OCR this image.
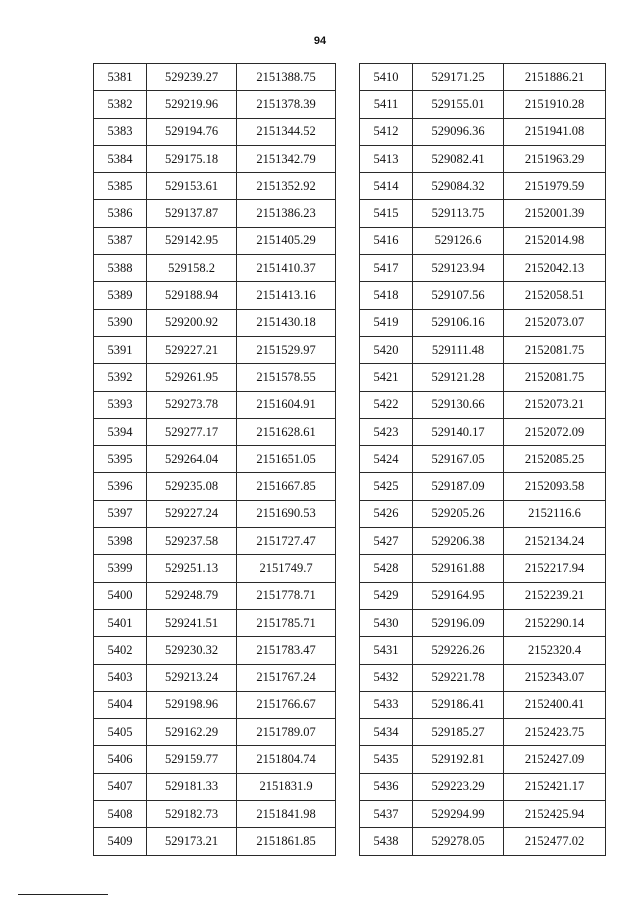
94
5381	529239.27	2151388.75
5382	529219.96	2151378.39
5383	529194.76	2151344.52
5384	529175.18	2151342.79
5385	529153.61	2151352.92
5386	529137.87	2151386.23
5387	529142.95	2151405.29
5388	529158.2	2151410.37
5389	529188.94	2151413.16
5390	529200.92	2151430.18
5391	529227.21	2151529.97
5392	529261.95	2151578.55
5393	529273.78	2151604.91
5394	529277.17	2151628.61
5395	529264.04	2151651.05
5396	529235.08	2151667.85
5397	529227.24	2151690.53
5398	529237.58	2151727.47
5399	529251.13	2151749.7
5400	529248.79	2151778.71
5401	529241.51	2151785.71
5402	529230.32	2151783.47
5403	529213.24	2151767.24
5404	529198.96	2151766.67
5405	529162.29	2151789.07
5406	529159.77	2151804.74
5407	529181.33	2151831.9
5408	529182.73	2151841.98
5409	529173.21	2151861.85
5410	529171.25	2151886.21
5411	529155.01	2151910.28
5412	529096.36	2151941.08
5413	529082.41	2151963.29
5414	529084.32	2151979.59
5415	529113.75	2152001.39
5416	529126.6	2152014.98
5417	529123.94	2152042.13
5418	529107.56	2152058.51
5419	529106.16	2152073.07
5420	529111.48	2152081.75
5421	529121.28	2152081.75
5422	529130.66	2152073.21
5423	529140.17	2152072.09
5424	529167.05	2152085.25
5425	529187.09	2152093.58
5426	529205.26	2152116.6
5427	529206.38	2152134.24
5428	529161.88	2152217.94
5429	529164.95	2152239.21
5430	529196.09	2152290.14
5431	529226.26	2152320.4
5432	529221.78	2152343.07
5433	529186.41	2152400.41
5434	529185.27	2152423.75
5435	529192.81	2152427.09
5436	529223.29	2152421.17
5437	529294.99	2152425.94
5438	529278.05	2152477.02
